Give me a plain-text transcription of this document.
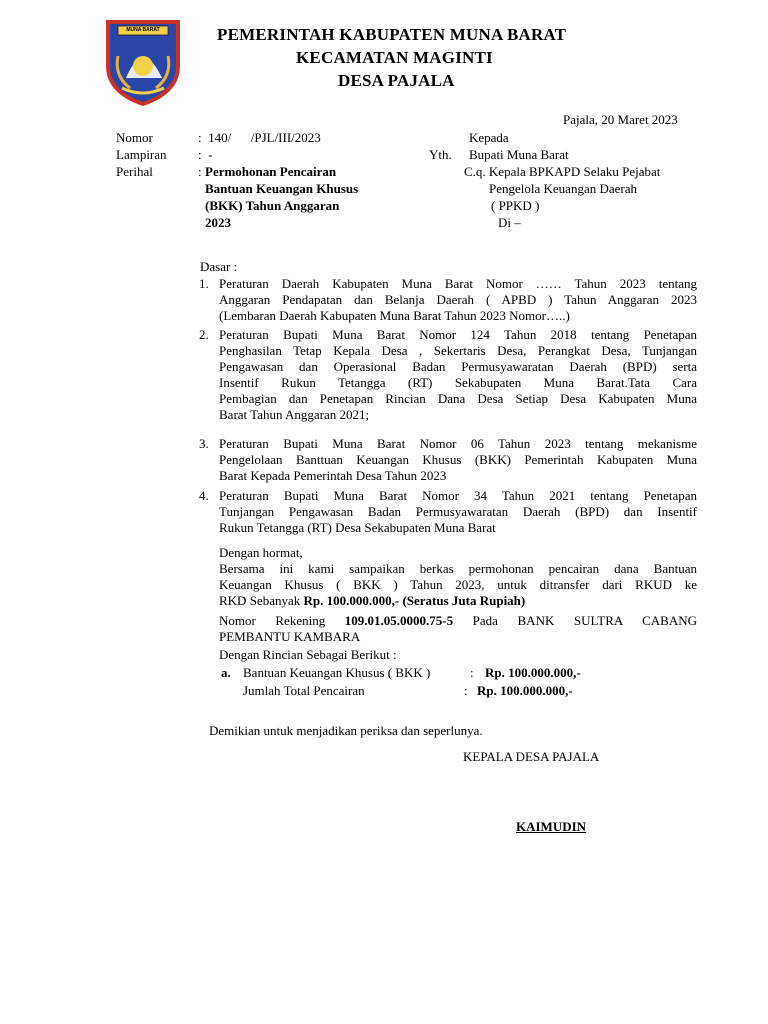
MUNA BARAT	PEMERINTAH KABUPATEN MUNA BARAT
KECAMATAN MAGINTI
DESA PAJALA
Pajala, 20 Maret 2023
Nomor	:  140/      /PJL/III/2023
Lampiran :  -
Perihal	: Permohonan Pencairan
Bantuan Keuangan Khusus
(BKK) Tahun Anggaran
2023
Kepada
Yth. Bupati Muna Barat
C.q. Kepala BPKAPD Selaku Pejabat
Pengelola Keuangan Daerah
( PPKD )
Di –
Dasar :
1. Peraturan Daerah Kabupaten Muna Barat Nomor …… Tahun 2023 tentang
Anggaran Pendapatan dan Belanja Daerah ( APBD ) Tahun Anggaran 2023
(Lembaran Daerah Kabupaten Muna Barat Tahun 2023 Nomor…..)
2. Peraturan Bupati Muna Barat Nomor 124 Tahun 2018 tentang Penetapan
Penghasilan Tetap Kepala Desa , Sekertaris Desa, Perangkat Desa, Tunjangan
Pengawasan dan Operasional Badan Permusyawaratan Daerah (BPD) serta
Insentif Rukun Tetangga (RT) Sekabupaten Muna Barat.Tata Cara
Pembagian dan Penetapan Rincian Dana Desa Setiap Desa Kabupaten Muna
Barat Tahun Anggaran 2021;
3. Peraturan Bupati Muna Barat Nomor 06 Tahun 2023 tentang mekanisme
Pengelolaan Banttuan Keuangan Khusus (BKK) Pemerintah Kabupaten Muna
Barat Kepada Pemerintah Desa Tahun 2023
4. Peraturan Bupati Muna Barat Nomor 34 Tahun 2021 tentang Penetapan
Tunjangan Pengawasan Badan Permusyawaratan Daerah (BPD) dan Insentif
Rukun Tetangga (RT) Desa Sekabupaten Muna Barat
Dengan hormat,
Bersama ini kami sampaikan berkas permohonan pencairan dana Bantuan
Keuangan Khusus ( BKK ) Tahun 2023, untuk ditransfer dari RKUD ke
RKD Sebanyak Rp. 100.000.000,- (Seratus Juta Rupiah)
Nomor Rekening 109.01.05.0000.75-5 Pada BANK SULTRA CABANG
PEMBANTU KAMBARA
Dengan Rincian Sebagai Berikut :
a. Bantuan Keuangan Khusus ( BKK )	: Rp. 100.000.000,-
Jumlah Total Pencairan	: Rp. 100.000.000,-
Demikian untuk menjadikan periksa dan seperlunya.
KEPALA DESA PAJALA
KAIMUDIN
